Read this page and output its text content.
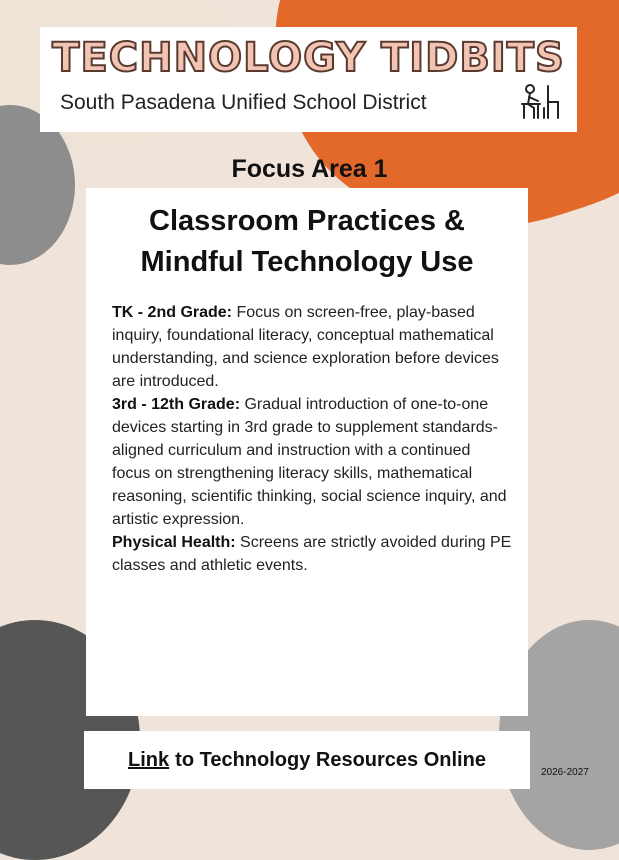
TECHNOLOGY TIDBITS
South Pasadena Unified School District
Focus Area 1
Classroom Practices &
Mindful Technology Use

TK - 2nd Grade: Focus on screen-free, play-based inquiry, foundational literacy, conceptual mathematical understanding, and science exploration before devices are introduced.

3rd - 12th Grade: Gradual introduction of one-to-one devices starting in 3rd grade to supplement standards-aligned curriculum and instruction with a continued focus on strengthening literacy skills, mathematical reasoning, scientific thinking, social science inquiry, and artistic expression.

Physical Health: Screens are strictly avoided during PE classes and athletic events.

Link to Technology Resources Online
2026-2027
